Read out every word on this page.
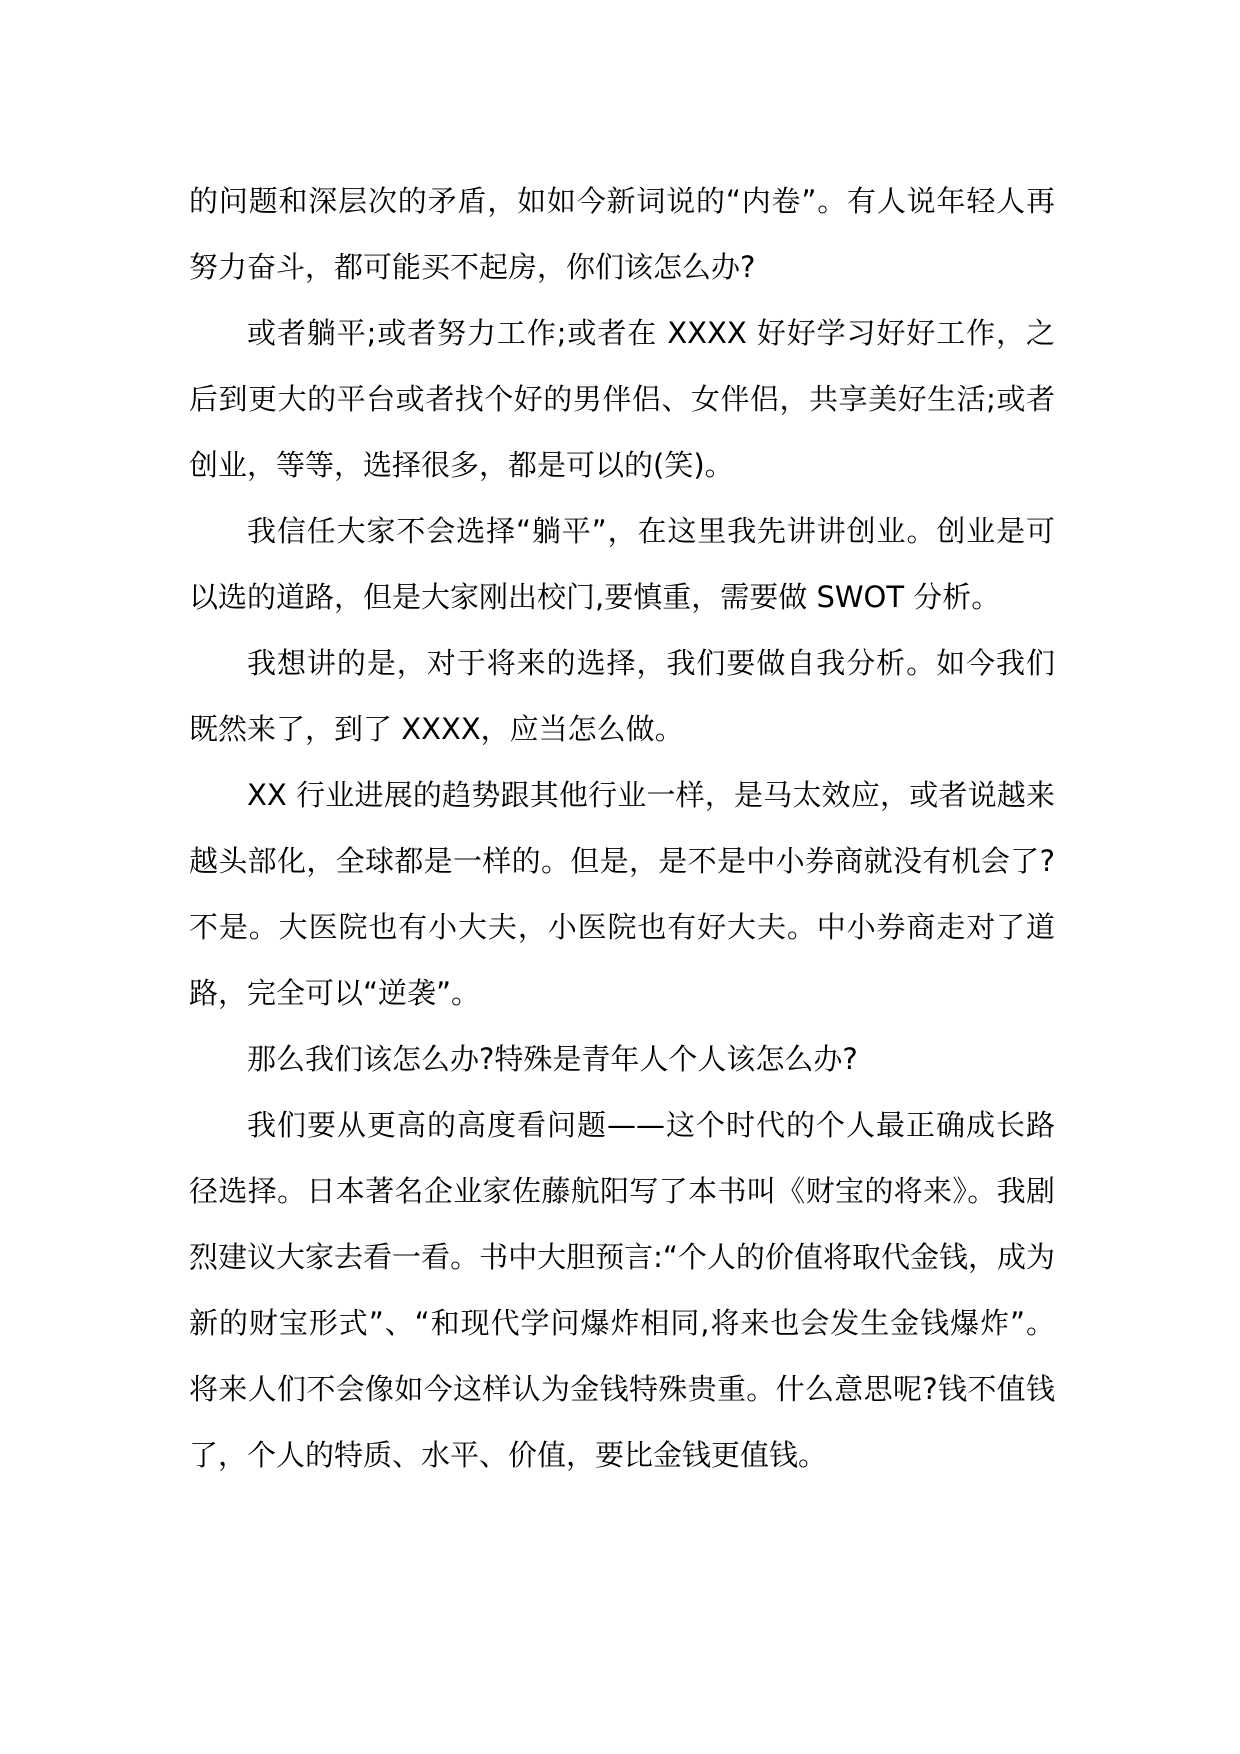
的问题和深层次的矛盾，如如今新词说的“内卷”。有人说年轻人再努力奋斗，都可能买不起房，你们该怎么办?

或者躺平;或者努力工作;或者在 XXXX 好好学习好好工作，之后到更大的平台或者找个好的男伴侣、女伴侣，共享美好生活;或者创业，等等，选择很多，都是可以的(笑)。

我信任大家不会选择“躺平”，在这里我先讲讲创业。创业是可以选的道路，但是大家刚出校门,要慎重，需要做 SWOT 分析。

我想讲的是，对于将来的选择，我们要做自我分析。如今我们既然来了，到了 XXXX，应当怎么做。

XX 行业进展的趋势跟其他行业一样，是马太效应，或者说越来越头部化，全球都是一样的。但是，是不是中小券商就没有机会了?不是。大医院也有小大夫，小医院也有好大夫。中小券商走对了道路，完全可以“逆袭”。

那么我们该怎么办?特殊是青年人个人该怎么办?

我们要从更高的高度看问题——这个时代的个人最正确成长路径选择。日本著名企业家佐藤航阳写了本书叫《财宝的将来》。我剧烈建议大家去看一看。书中大胆预言:“个人的价值将取代金钱，成为新的财宝形式”、“和现代学问爆炸相同,将来也会发生金钱爆炸”。将来人们不会像如今这样认为金钱特殊贵重。什么意思呢?钱不值钱了，个人的特质、水平、价值，要比金钱更值钱。
